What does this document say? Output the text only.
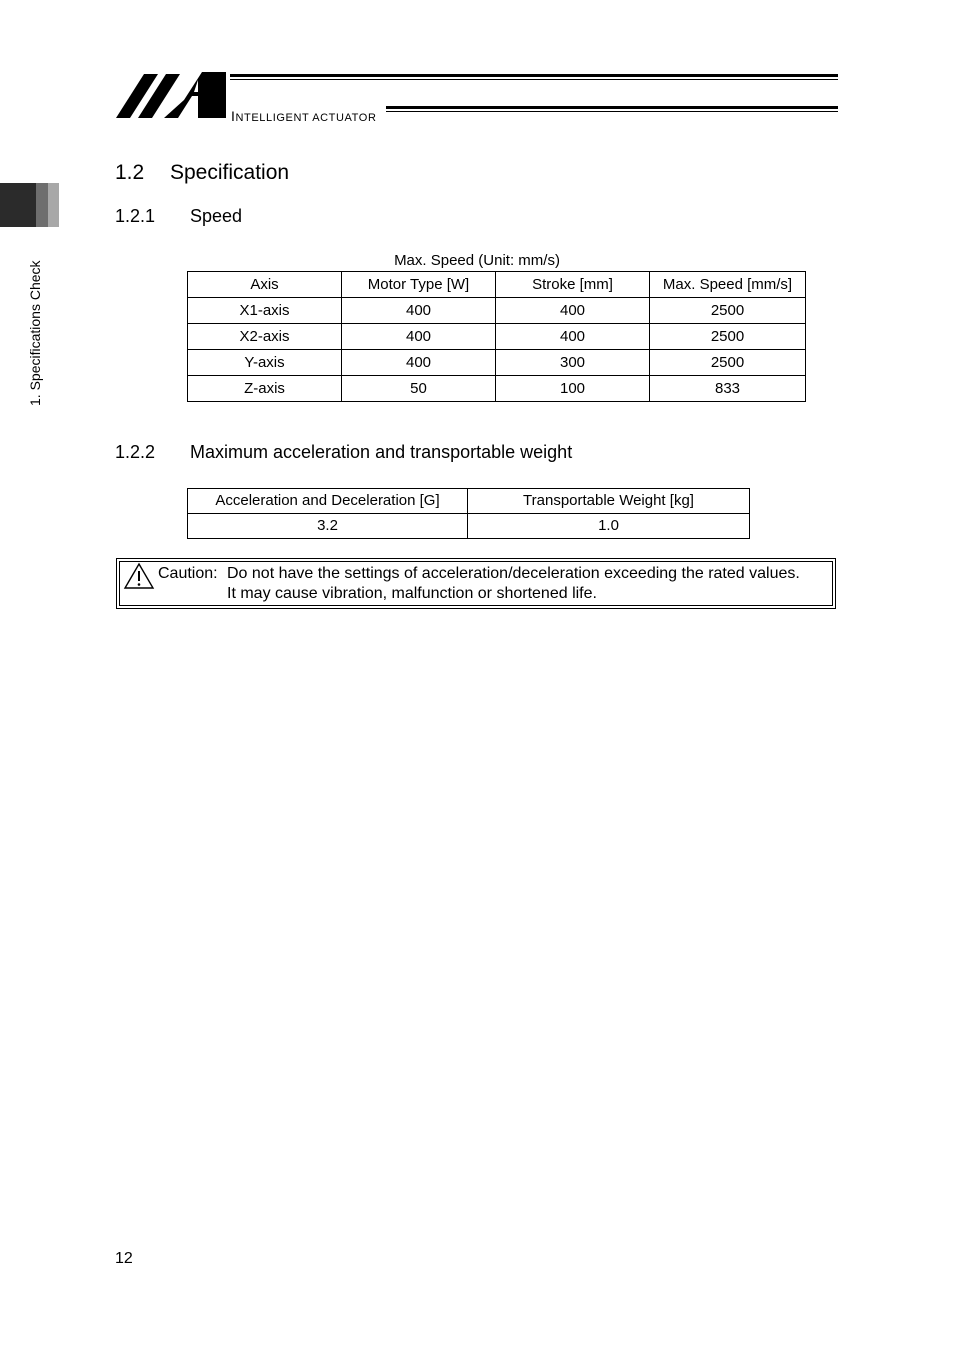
INTELLIGENT ACTUATOR
1. Specifications Check
1.2 Specification
1.2.1 Speed
Max. Speed (Unit: mm/s)
Axis	Motor Type [W]	Stroke [mm]	Max. Speed [mm/s]
X1-axis	400	400	2500
X2-axis	400	400	2500
Y-axis	400	300	2500
Z-axis	50	100	833
1.2.2 Maximum acceleration and transportable weight
Acceleration and Deceleration [G]	Transportable Weight [kg]
3.2	1.0
Caution: Do not have the settings of acceleration/deceleration exceeding the rated values.
It may cause vibration, malfunction or shortened life.
12
